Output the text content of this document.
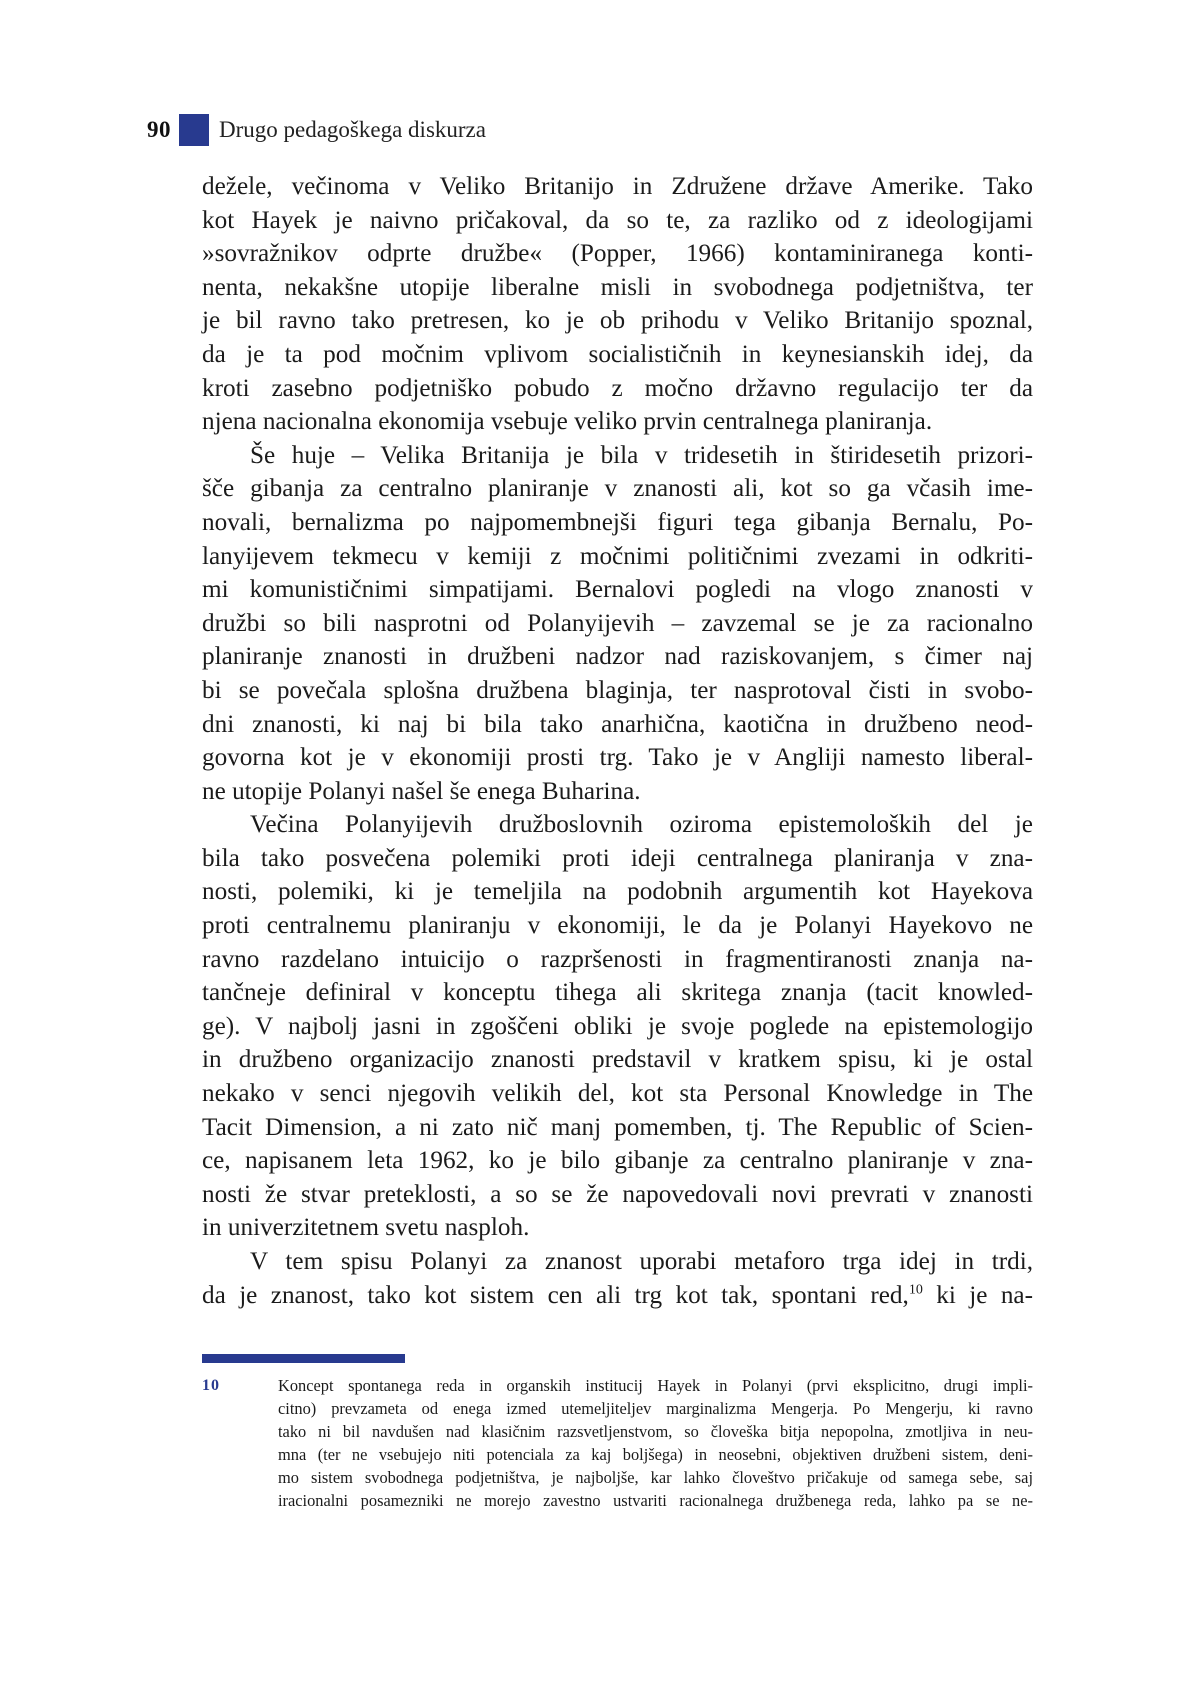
90 Drugo pedagoškega diskurza

dežele, večinoma v Veliko Britanijo in Združene države Amerike. Tako
kot Hayek je naivno pričakoval, da so te, za razliko od z ideologijami
»sovražnikov odprte družbe« (Popper, 1966) kontaminiranega konti-
nenta, nekakšne utopije liberalne misli in svobodnega podjetništva, ter
je bil ravno tako pretresen, ko je ob prihodu v Veliko Britanijo spoznal,
da je ta pod močnim vplivom socialističnih in keynesianskih idej, da
kroti zasebno podjetniško pobudo z močno državno regulacijo ter da
njena nacionalna ekonomija vsebuje veliko prvin centralnega planiranja.

Še huje – Velika Britanija je bila v tridesetih in štiridesetih prizori-
šče gibanja za centralno planiranje v znanosti ali, kot so ga včasih ime-
novali, bernalizma po najpomembnejši figuri tega gibanja Bernalu, Po-
lanyijevem tekmecu v kemiji z močnimi političnimi zvezami in odkriti-
mi komunističnimi simpatijami. Bernalovi pogledi na vlogo znanosti v
družbi so bili nasprotni od Polanyijevih – zavzemal se je za racionalno
planiranje znanosti in družbeni nadzor nad raziskovanjem, s čimer naj
bi se povečala splošna družbena blaginja, ter nasprotoval čisti in svobo-
dni znanosti, ki naj bi bila tako anarhična, kaotična in družbeno neod-
govorna kot je v ekonomiji prosti trg. Tako je v Angliji namesto liberal-
ne utopije Polanyi našel še enega Buharina.

Večina Polanyijevih družboslovnih oziroma epistemoloških del je
bila tako posvečena polemiki proti ideji centralnega planiranja v zna-
nosti, polemiki, ki je temeljila na podobnih argumentih kot Hayekova
proti centralnemu planiranju v ekonomiji, le da je Polanyi Hayekovo ne
ravno razdelano intuicijo o razpršenosti in fragmentiranosti znanja na-
tančneje definiral v konceptu tihega ali skritega znanja (tacit knowled-
ge). V najbolj jasni in zgoščeni obliki je svoje poglede na epistemologijo
in družbeno organizacijo znanosti predstavil v kratkem spisu, ki je ostal
nekako v senci njegovih velikih del, kot sta Personal Knowledge in The
Tacit Dimension, a ni zato nič manj pomemben, tj. The Republic of Scien-
ce, napisanem leta 1962, ko je bilo gibanje za centralno planiranje v zna-
nosti že stvar preteklosti, a so se že napovedovali novi prevrati v znanosti
in univerzitetnem svetu nasploh.

V tem spisu Polanyi za znanost uporabi metaforo trga idej in trdi,
da je znanost, tako kot sistem cen ali trg kot tak, spontani red,$^{10}$ ki je na-

10	Koncept spontanega reda in organskih institucij Hayek in Polanyi (prvi eksplicitno, drugi impli-
citno) prevzameta od enega izmed utemeljiteljev marginalizma Mengerja. Po Mengerju, ki ravno
tako ni bil navdušen nad klasičnim razsvetljenstvom, so človeška bitja nepopolna, zmotljiva in neu-
mna (ter ne vsebujejo niti potenciala za kaj boljšega) in neosebni, objektiven družbeni sistem, deni-
mo sistem svobodnega podjetništva, je najboljše, kar lahko človeštvo pričakuje od samega sebe, saj
iracionalni posamezniki ne morejo zavestno ustvariti racionalnega družbenega reda, lahko pa se ne-
